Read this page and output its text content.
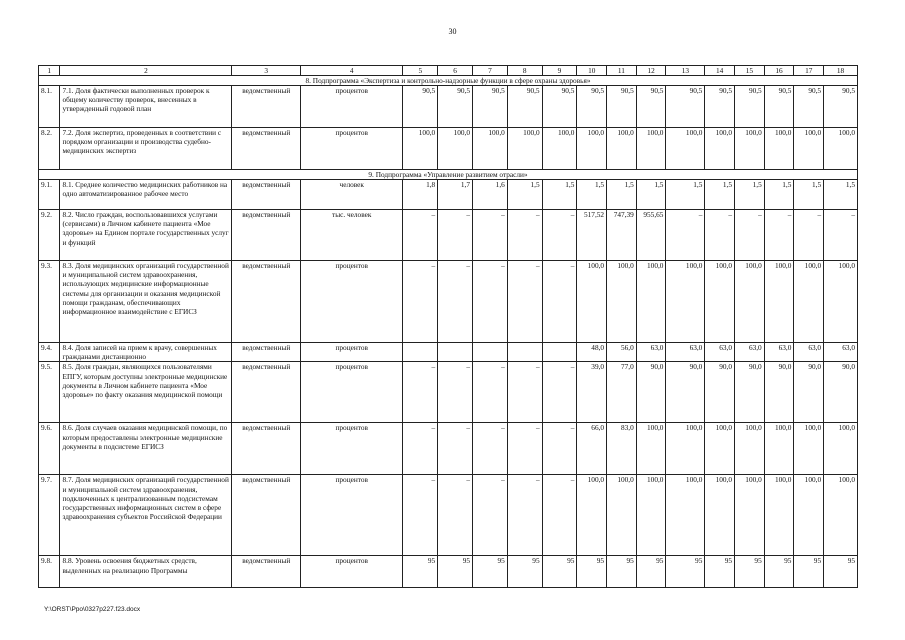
30
1	2	3	4	5	6	7	8	9	10	11	12	13	14	15	16	17	18
8. Подпрограмма «Экспертиза и контрольно-надзорные функции в сфере охраны здоровья»																	
8.1.	7.1. Доля фактически выполненных проверок к общему количеству проверок, внесенных в утвержденный годовой план	ведомственный	процентов	90,5	90,5	90,5	90,5	90,5	90,5	90,5	90,5	90,5	90,5	90,5	90,5	90,5	90,5
8.2.	7.2. Доля экспертиз, проведенных в соответствии с порядком организации и производства судебно-медицинских экспертиз	ведомственный	процентов	100,0	100,0	100,0	100,0	100,0	100,0	100,0	100,0	100,0	100,0	100,0	100,0	100,0	100,0
9. Подпрограмма «Управление развитием отрасли»																	
9.1.	8.1. Среднее количество медицинских работников на одно автоматизированное рабочее место	ведомственный	человек	1,8	1,7	1,6	1,5	1,5	1,5	1,5	1,5	1,5	1,5	1,5	1,5	1,5	1,5
9.2.	8.2. Число граждан, воспользовавшихся услугами (сервисами) в Личном кабинете пациента «Мое здоровье» на Едином портале государственных услуг и функций	ведомственный	тыс. человек	–	–	–	–	–	517,52	747,39	955,65	–	–	–	–	–	–
9.3.	8.3. Доля медицинских организаций государственной и муниципальной систем здравоохранения, использующих медицинские информационные системы для организации и оказания медицинской помощи гражданам, обеспечивающих информационное взаимодействие с ЕГИСЗ	ведомственный	процентов	–	–	–	–	–	100,0	100,0	100,0	100,0	100,0	100,0	100,0	100,0	100,0
9.4.	8.4. Доля записей на прием к врачу, совершенных гражданами дистанционно	ведомственный	процентов						48,0	56,0	63,0	63,0	63,0	63,0	63,0	63,0	63,0
9.5.	8.5. Доля граждан, являющихся пользователями ЕПГУ, которым доступны электронные медицинские документы в Личном кабинете пациента «Мое здоровье» по факту оказания медицинской помощи	ведомственный	процентов	–	–	–	–	–	39,0	77,0	90,0	90,0	90,0	90,0	90,0	90,0	90,0
9.6.	8.6. Доля случаев оказания медицинской помощи, по которым предоставлены электронные медицинские документы в подсистеме ЕГИСЗ	ведомственный	процентов	–	–	–	–	–	66,0	83,0	100,0	100,0	100,0	100,0	100,0	100,0	100,0
9.7.	8.7. Доля медицинских организаций государственной и муниципальной систем здравоохранения, подключенных к централизованным подсистемам государственных информационных систем в сфере здравоохранения субъектов Российской Федерации	ведомственный	процентов	–	–	–	–	–	100,0	100,0	100,0	100,0	100,0	100,0	100,0	100,0	100,0
9.8.	8.8. Уровень освоения бюджетных средств, выделенных на реализацию Программы	ведомственный	процентов	95	95	95	95	95	95	95	95	95	95	95	95	95	95
Y:\ORST\Ppo\0327p227.f23.docx
